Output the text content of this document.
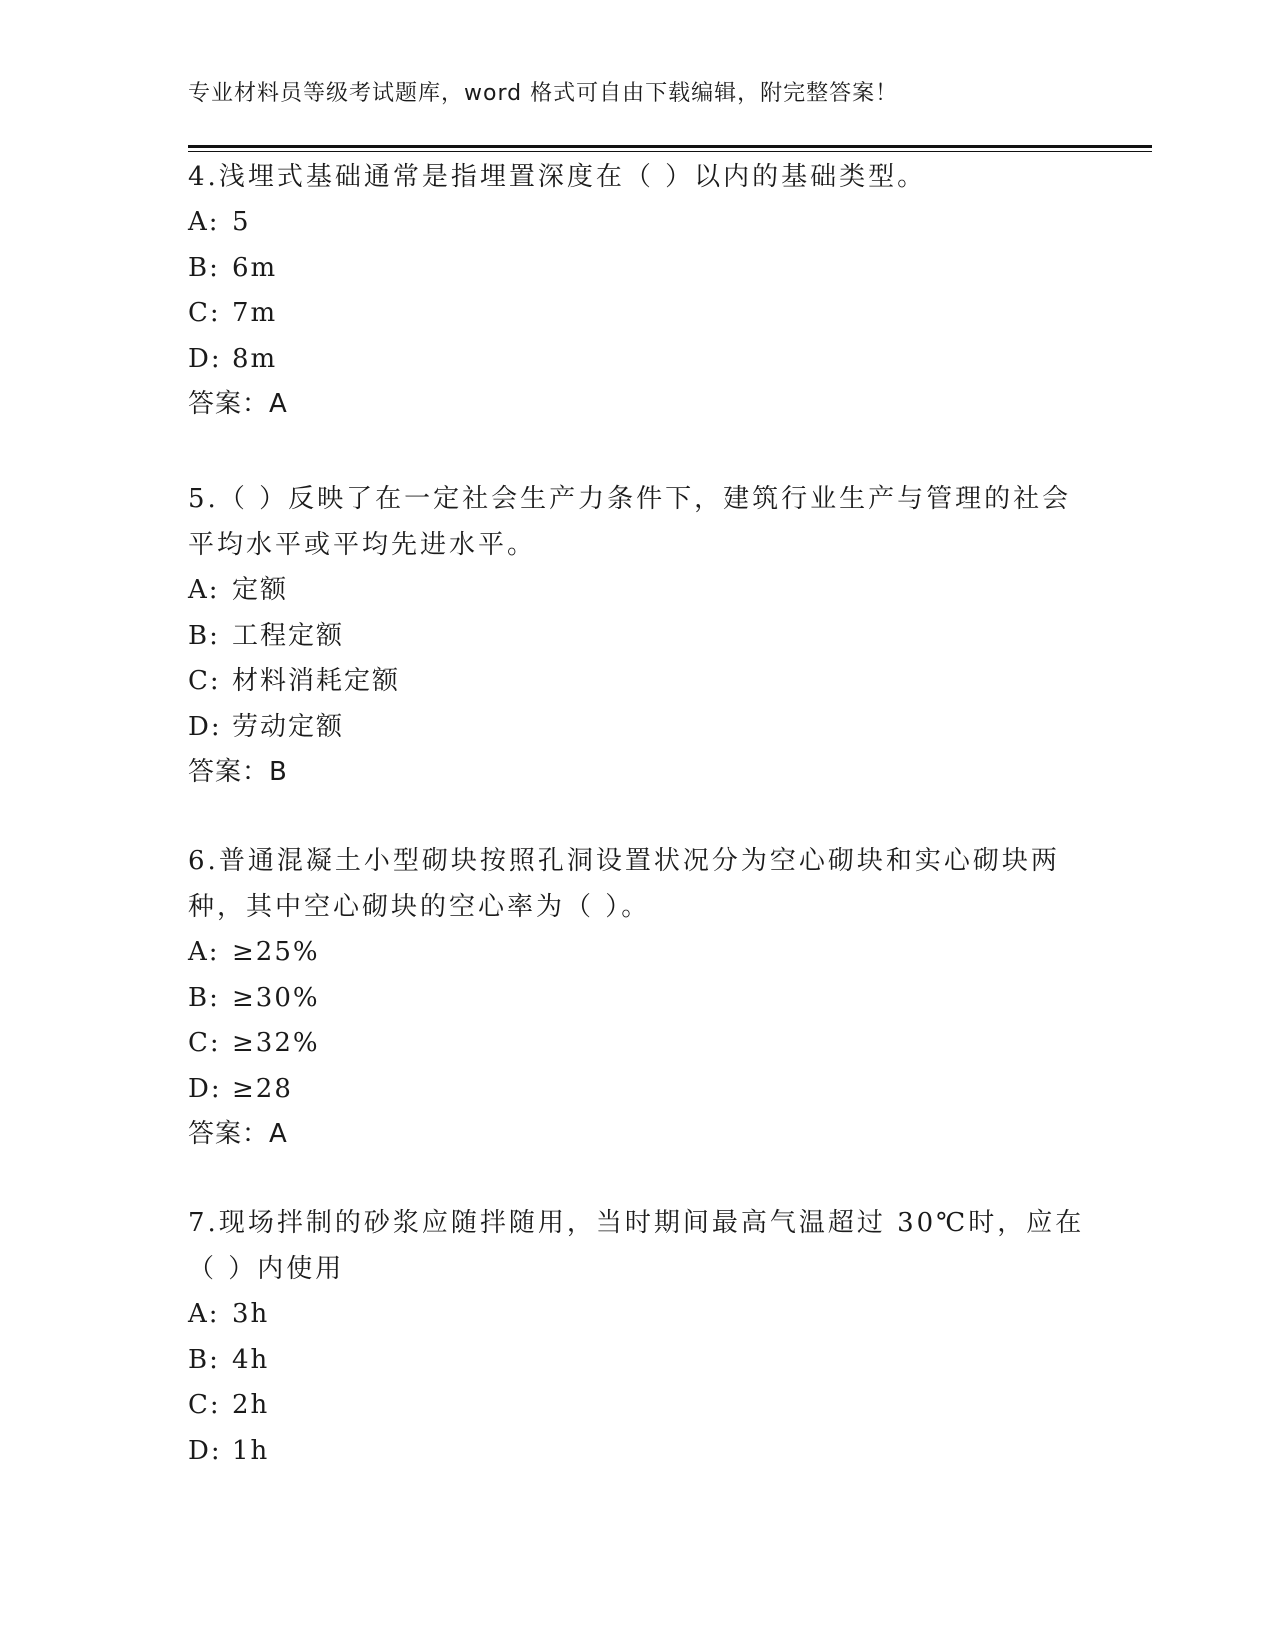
专业材料员等级考试题库，word 格式可自由下载编辑，附完整答案！

4.浅埋式基础通常是指埋置深度在（ ）以内的基础类型。

A: 5

B: 6m

C: 7m

D: 8m

答案：A

5.（ ）反映了在一定社会生产力条件下，建筑行业生产与管理的社会
平均水平或平均先进水平。

A: 定额

B: 工程定额

C: 材料消耗定额

D: 劳动定额

答案：B

6.普通混凝土小型砌块按照孔洞设置状况分为空心砌块和实心砌块两
种，其中空心砌块的空心率为（ ）。

A: ≥25%

B: ≥30%

C: ≥32%

D: ≥28

答案：A

7.现场拌制的砂浆应随拌随用，当时期间最高气温超过 30℃时，应在
（ ）内使用

A: 3h

B: 4h

C: 2h

D: 1h
